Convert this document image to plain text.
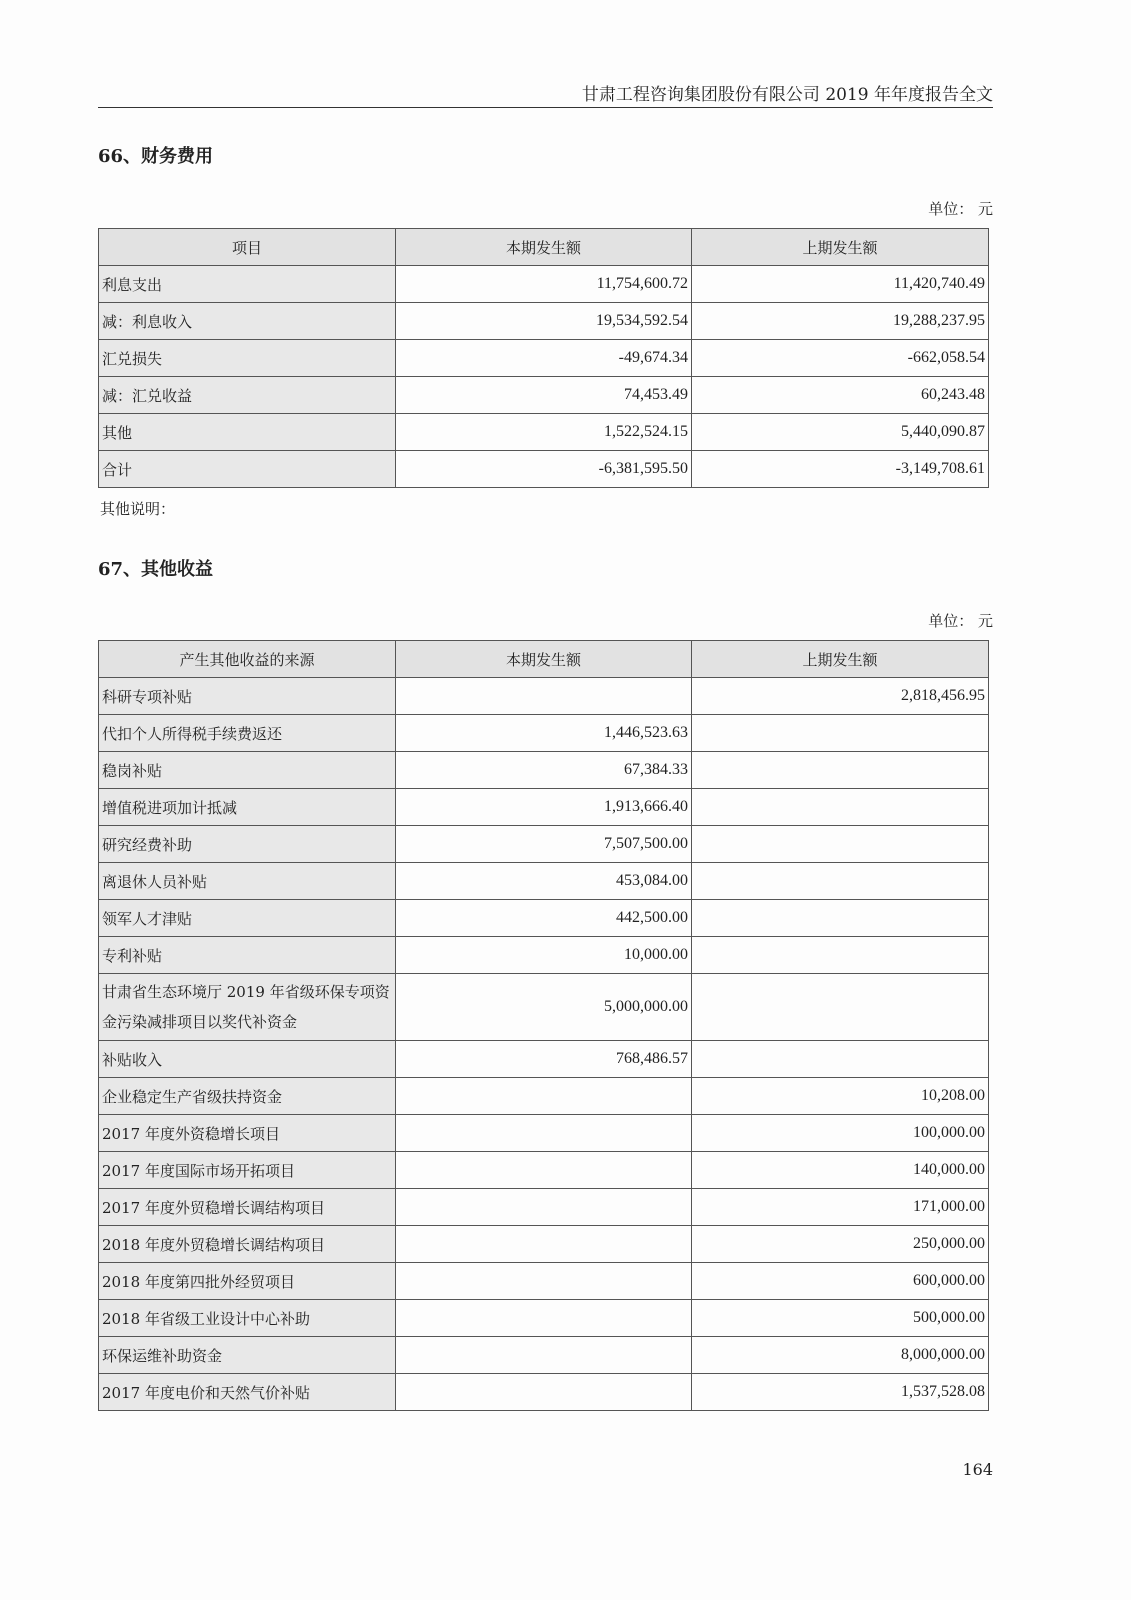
甘肃工程咨询集团股份有限公司 2019 年年度报告全文
66、财务费用
单位： 元
项目	本期发生额	上期发生额
利息支出	11,754,600.72	11,420,740.49
减：利息收入	19,534,592.54	19,288,237.95
汇兑损失	-49,674.34	-662,058.54
减：汇兑收益	74,453.49	60,243.48
其他	1,522,524.15	5,440,090.87
合计	-6,381,595.50	-3,149,708.61
其他说明：
67、其他收益
单位： 元
产生其他收益的来源	本期发生额	上期发生额
科研专项补贴		2,818,456.95
代扣个人所得税手续费返还	1,446,523.63	
稳岗补贴	67,384.33	
增值税进项加计抵减	1,913,666.40	
研究经费补助	7,507,500.00	
离退休人员补贴	453,084.00	
领军人才津贴	442,500.00	
专利补贴	10,000.00	
甘肃省生态环境厅 2019 年省级环保专项资金污染减排项目以奖代补资金	5,000,000.00	
补贴收入	768,486.57	
企业稳定生产省级扶持资金		10,208.00
2017 年度外资稳增长项目		100,000.00
2017 年度国际市场开拓项目		140,000.00
2017 年度外贸稳增长调结构项目		171,000.00
2018 年度外贸稳增长调结构项目		250,000.00
2018 年度第四批外经贸项目		600,000.00
2018 年省级工业设计中心补助		500,000.00
环保运维补助资金		8,000,000.00
2017 年度电价和天然气价补贴		1,537,528.08
164
